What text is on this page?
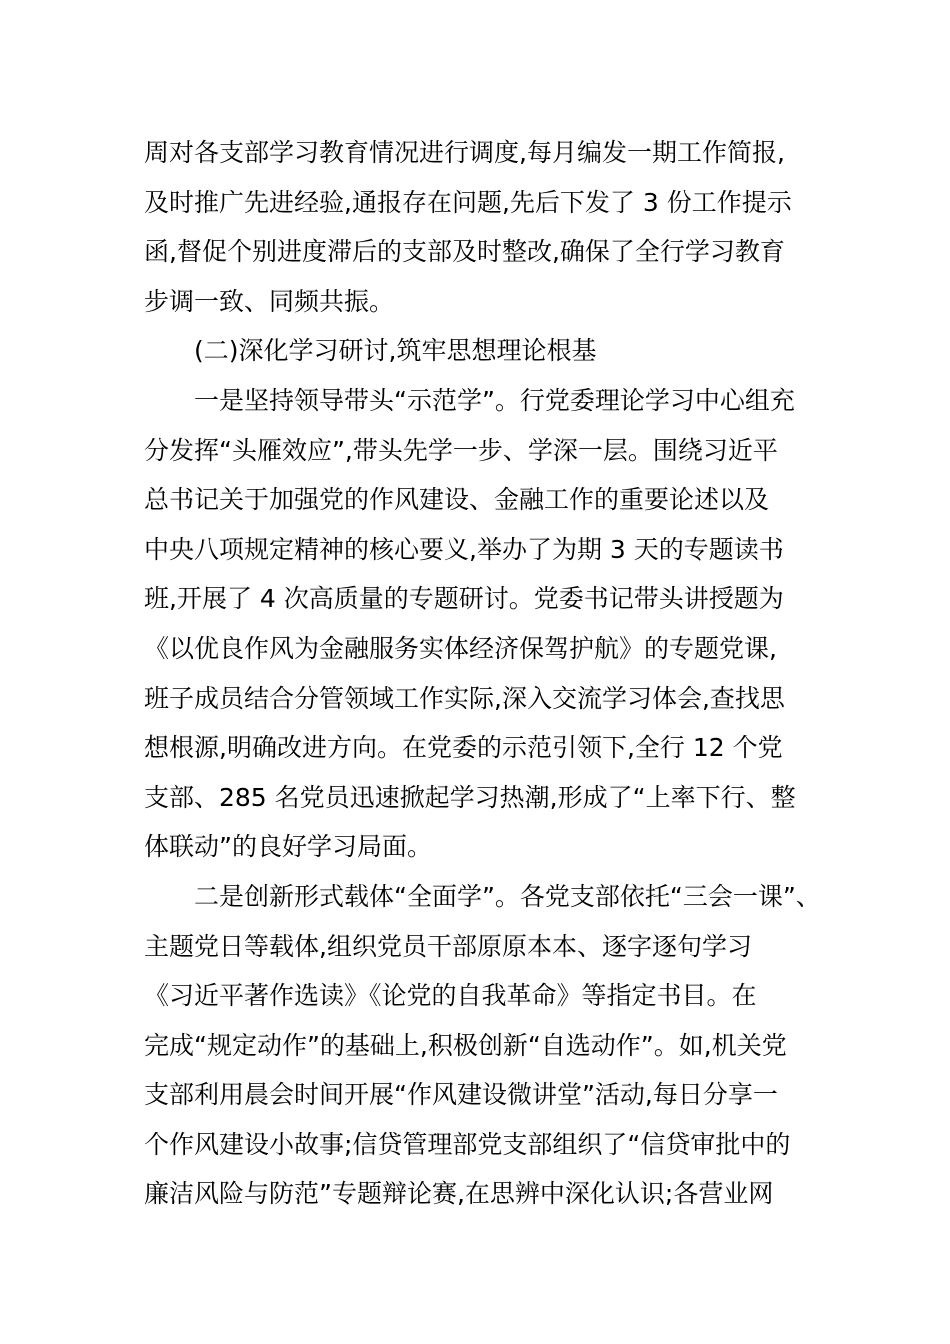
周对各支部学习教育情况进行调度,每月编发一期工作简报,
及时推广先进经验,通报存在问题,先后下发了 3 份工作提示
函,督促个别进度滞后的支部及时整改,确保了全行学习教育
步调一致、同频共振。
(二)深化学习研讨,筑牢思想理论根基
一是坚持领导带头“示范学”。行党委理论学习中心组充
分发挥“头雁效应”,带头先学一步、学深一层。围绕习近平
总书记关于加强党的作风建设、金融工作的重要论述以及
中央八项规定精神的核心要义,举办了为期 3 天的专题读书
班,开展了 4 次高质量的专题研讨。党委书记带头讲授题为
《以优良作风为金融服务实体经济保驾护航》的专题党课,
班子成员结合分管领域工作实际,深入交流学习体会,查找思
想根源,明确改进方向。在党委的示范引领下,全行 12 个党
支部、285 名党员迅速掀起学习热潮,形成了“上率下行、整
体联动”的良好学习局面。
二是创新形式载体“全面学”。各党支部依托“三会一课”、
主题党日等载体,组织党员干部原原本本、逐字逐句学习
《习近平著作选读》《论党的自我革命》等指定书目。在
完成“规定动作”的基础上,积极创新“自选动作”。如,机关党
支部利用晨会时间开展“作风建设微讲堂”活动,每日分享一
个作风建设小故事;信贷管理部党支部组织了“信贷审批中的
廉洁风险与防范”专题辩论赛,在思辨中深化认识;各营业网
